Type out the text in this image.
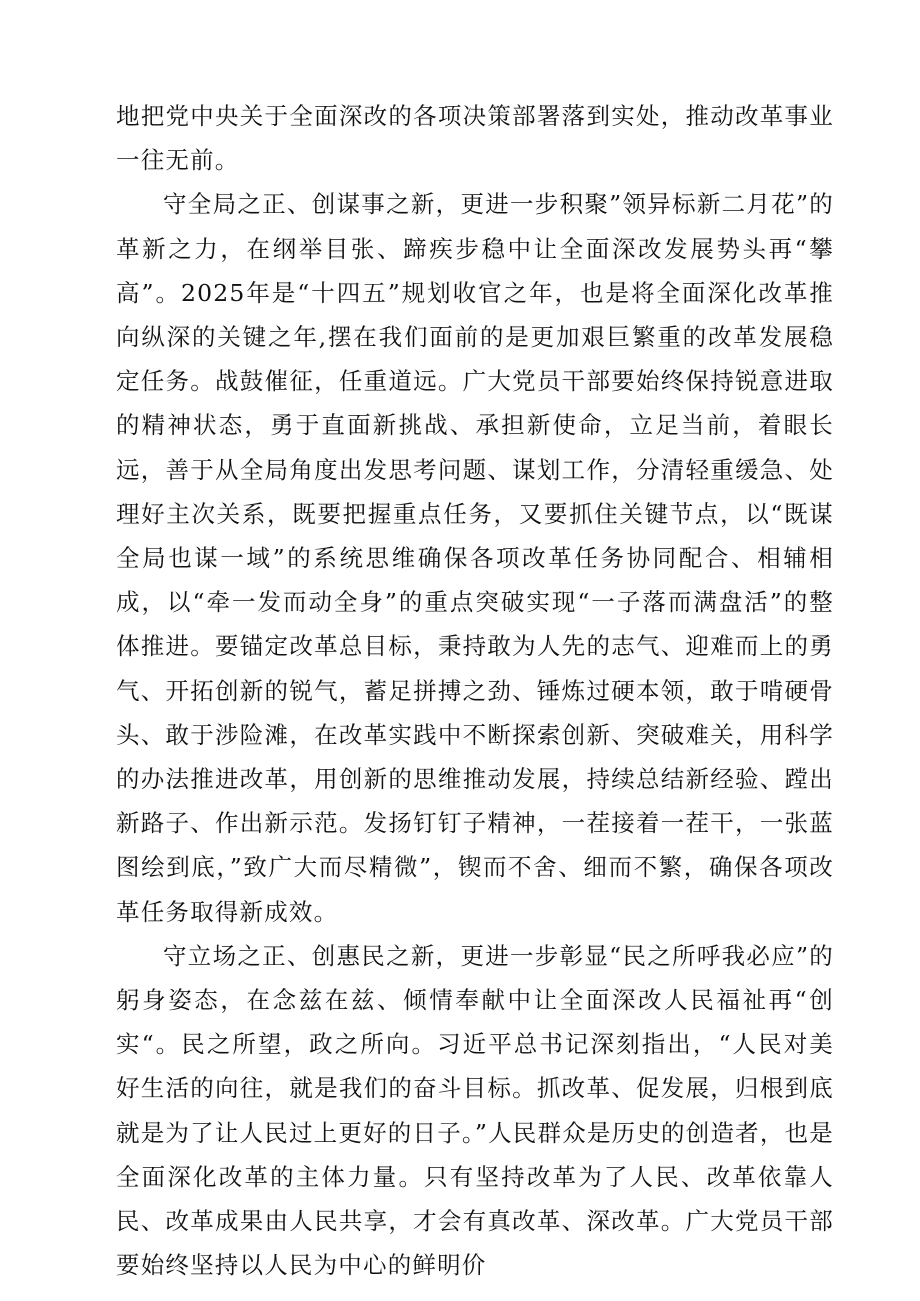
地把党中央关于全面深改的各项决策部署落到实处，推动改革事业一往无前。

守全局之正、创谋事之新，更进一步积聚”领异标新二月花”的革新之力，在纲举目张、蹄疾步稳中让全面深改发展势头再“攀高”。2025年是“十四五”规划收官之年，也是将全面深化改革推向纵深的关键之年,摆在我们面前的是更加艰巨繁重的改革发展稳定任务。战鼓催征，任重道远。广大党员干部要始终保持锐意进取的精神状态，勇于直面新挑战、承担新使命，立足当前，着眼长远，善于从全局角度出发思考问题、谋划工作，分清轻重缓急、处理好主次关系，既要把握重点任务，又要抓住关键节点，以“既谋全局也谋一域”的系统思维确保各项改革任务协同配合、相辅相成，以“牵一发而动全身”的重点突破实现“一子落而满盘活”的整体推进。要锚定改革总目标，秉持敢为人先的志气、迎难而上的勇气、开拓创新的锐气，蓄足拼搏之劲、锤炼过硬本领，敢于啃硬骨头、敢于涉险滩，在改革实践中不断探索创新、突破难关，用科学的办法推进改革，用创新的思维推动发展，持续总结新经验、蹚出新路子、作出新示范。发扬钉钉子精神，一茬接着一茬干，一张蓝图绘到底，”致广大而尽精微”，锲而不舍、细而不繁，确保各项改革任务取得新成效。

守立场之正、创惠民之新，更进一步彰显“民之所呼我必应”的躬身姿态，在念兹在兹、倾情奉献中让全面深改人民福祉再“创实“。民之所望，政之所向。习近平总书记深刻指出，“人民对美好生活的向往，就是我们的奋斗目标。抓改革、促发展，归根到底就是为了让人民过上更好的日子。”人民群众是历史的创造者，也是全面深化改革的主体力量。只有坚持改革为了人民、改革依靠人民、改革成果由人民共享，才会有真改革、深改革。广大党员干部要始终坚持以人民为中心的鲜明价
